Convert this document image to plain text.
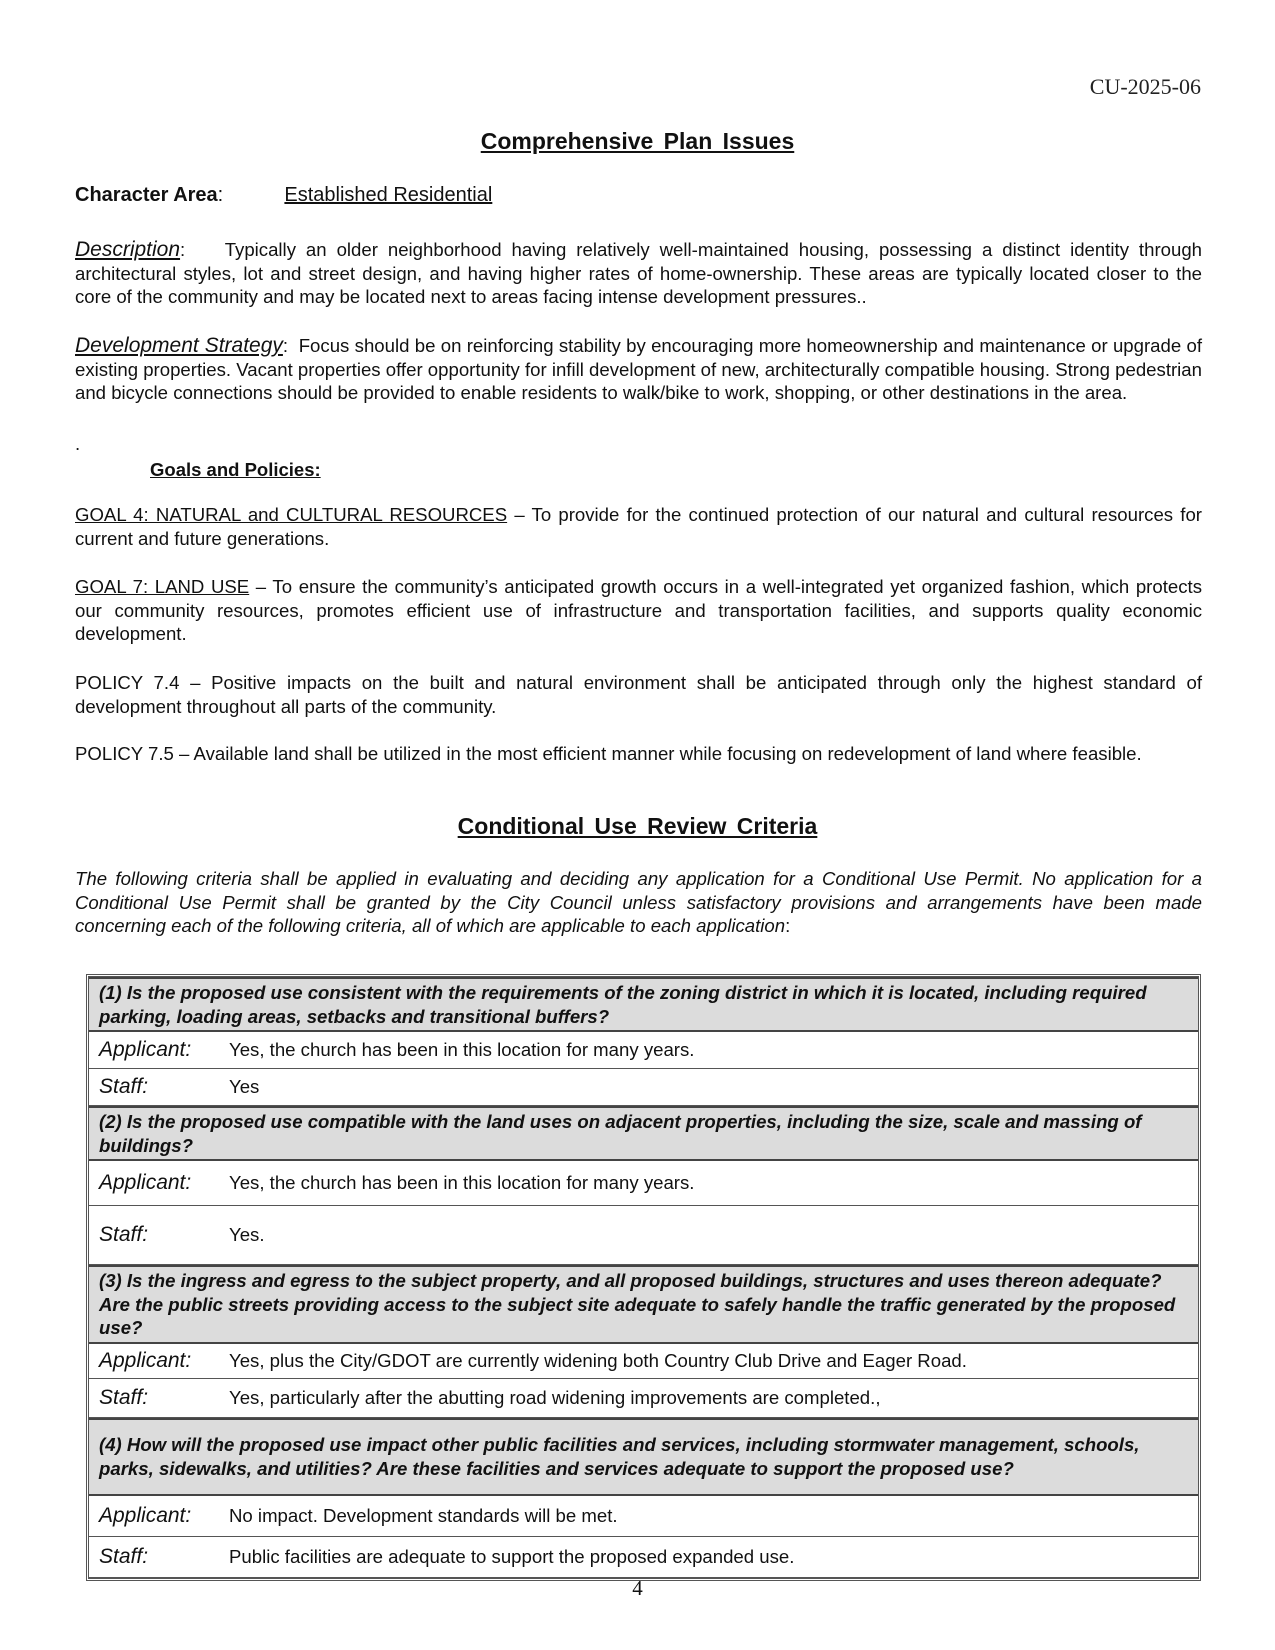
CU-2025-06
Comprehensive Plan Issues
Character Area:	Established Residential
Description:    Typically an older neighborhood having relatively well-maintained housing, possessing a distinct identity through architectural styles, lot and street design, and having higher rates of home-ownership. These areas are typically located closer to the core of the community and may be located next to areas facing intense development pressures..
Development Strategy:  Focus should be on reinforcing stability by encouraging more homeownership and maintenance or upgrade of existing properties. Vacant properties offer opportunity for infill development of new, architecturally compatible housing. Strong pedestrian and bicycle connections should be provided to enable residents to walk/bike to work, shopping, or other destinations in the area.
.
Goals and Policies:
GOAL 4: NATURAL and CULTURAL RESOURCES – To provide for the continued protection of our natural and cultural resources for current and future generations.
GOAL 7: LAND USE – To ensure the community’s anticipated growth occurs in a well-integrated yet organized fashion, which protects our community resources, promotes efficient use of infrastructure and transportation facilities, and supports quality economic development.
POLICY 7.4 – Positive impacts on the built and natural environment shall be anticipated through only the highest standard of development throughout all parts of the community.
POLICY 7.5 – Available land shall be utilized in the most efficient manner while focusing on redevelopment of land where feasible.
Conditional Use Review Criteria
The following criteria shall be applied in evaluating and deciding any application for a Conditional Use Permit. No application for a Conditional Use Permit shall be granted by the City Council unless satisfactory provisions and arrangements have been made concerning each of the following criteria, all of which are applicable to each application:
(1) Is the proposed use consistent with the requirements of the zoning district in which it is located, including required parking, loading areas, setbacks and transitional buffers?
Applicant: Yes, the church has been in this location for many years.
Staff:	Yes
(2) Is the proposed use compatible with the land uses on adjacent properties, including the size, scale and massing of buildings?
Applicant: Yes, the church has been in this location for many years.
Staff:	Yes.
(3) Is the ingress and egress to the subject property, and all proposed buildings, structures and uses thereon adequate? Are the public streets providing access to the subject site adequate to safely handle the traffic generated by the proposed use?
Applicant: Yes, plus the City/GDOT are currently widening both Country Club Drive and Eager Road.
Staff:	Yes, particularly after the abutting road widening improvements are completed.,
(4) How will the proposed use impact other public facilities and services, including stormwater management, schools, parks, sidewalks, and utilities? Are these facilities and services adequate to support the proposed use?
Applicant: No impact. Development standards will be met.
Staff:	Public facilities are adequate to support the proposed expanded use.
4
